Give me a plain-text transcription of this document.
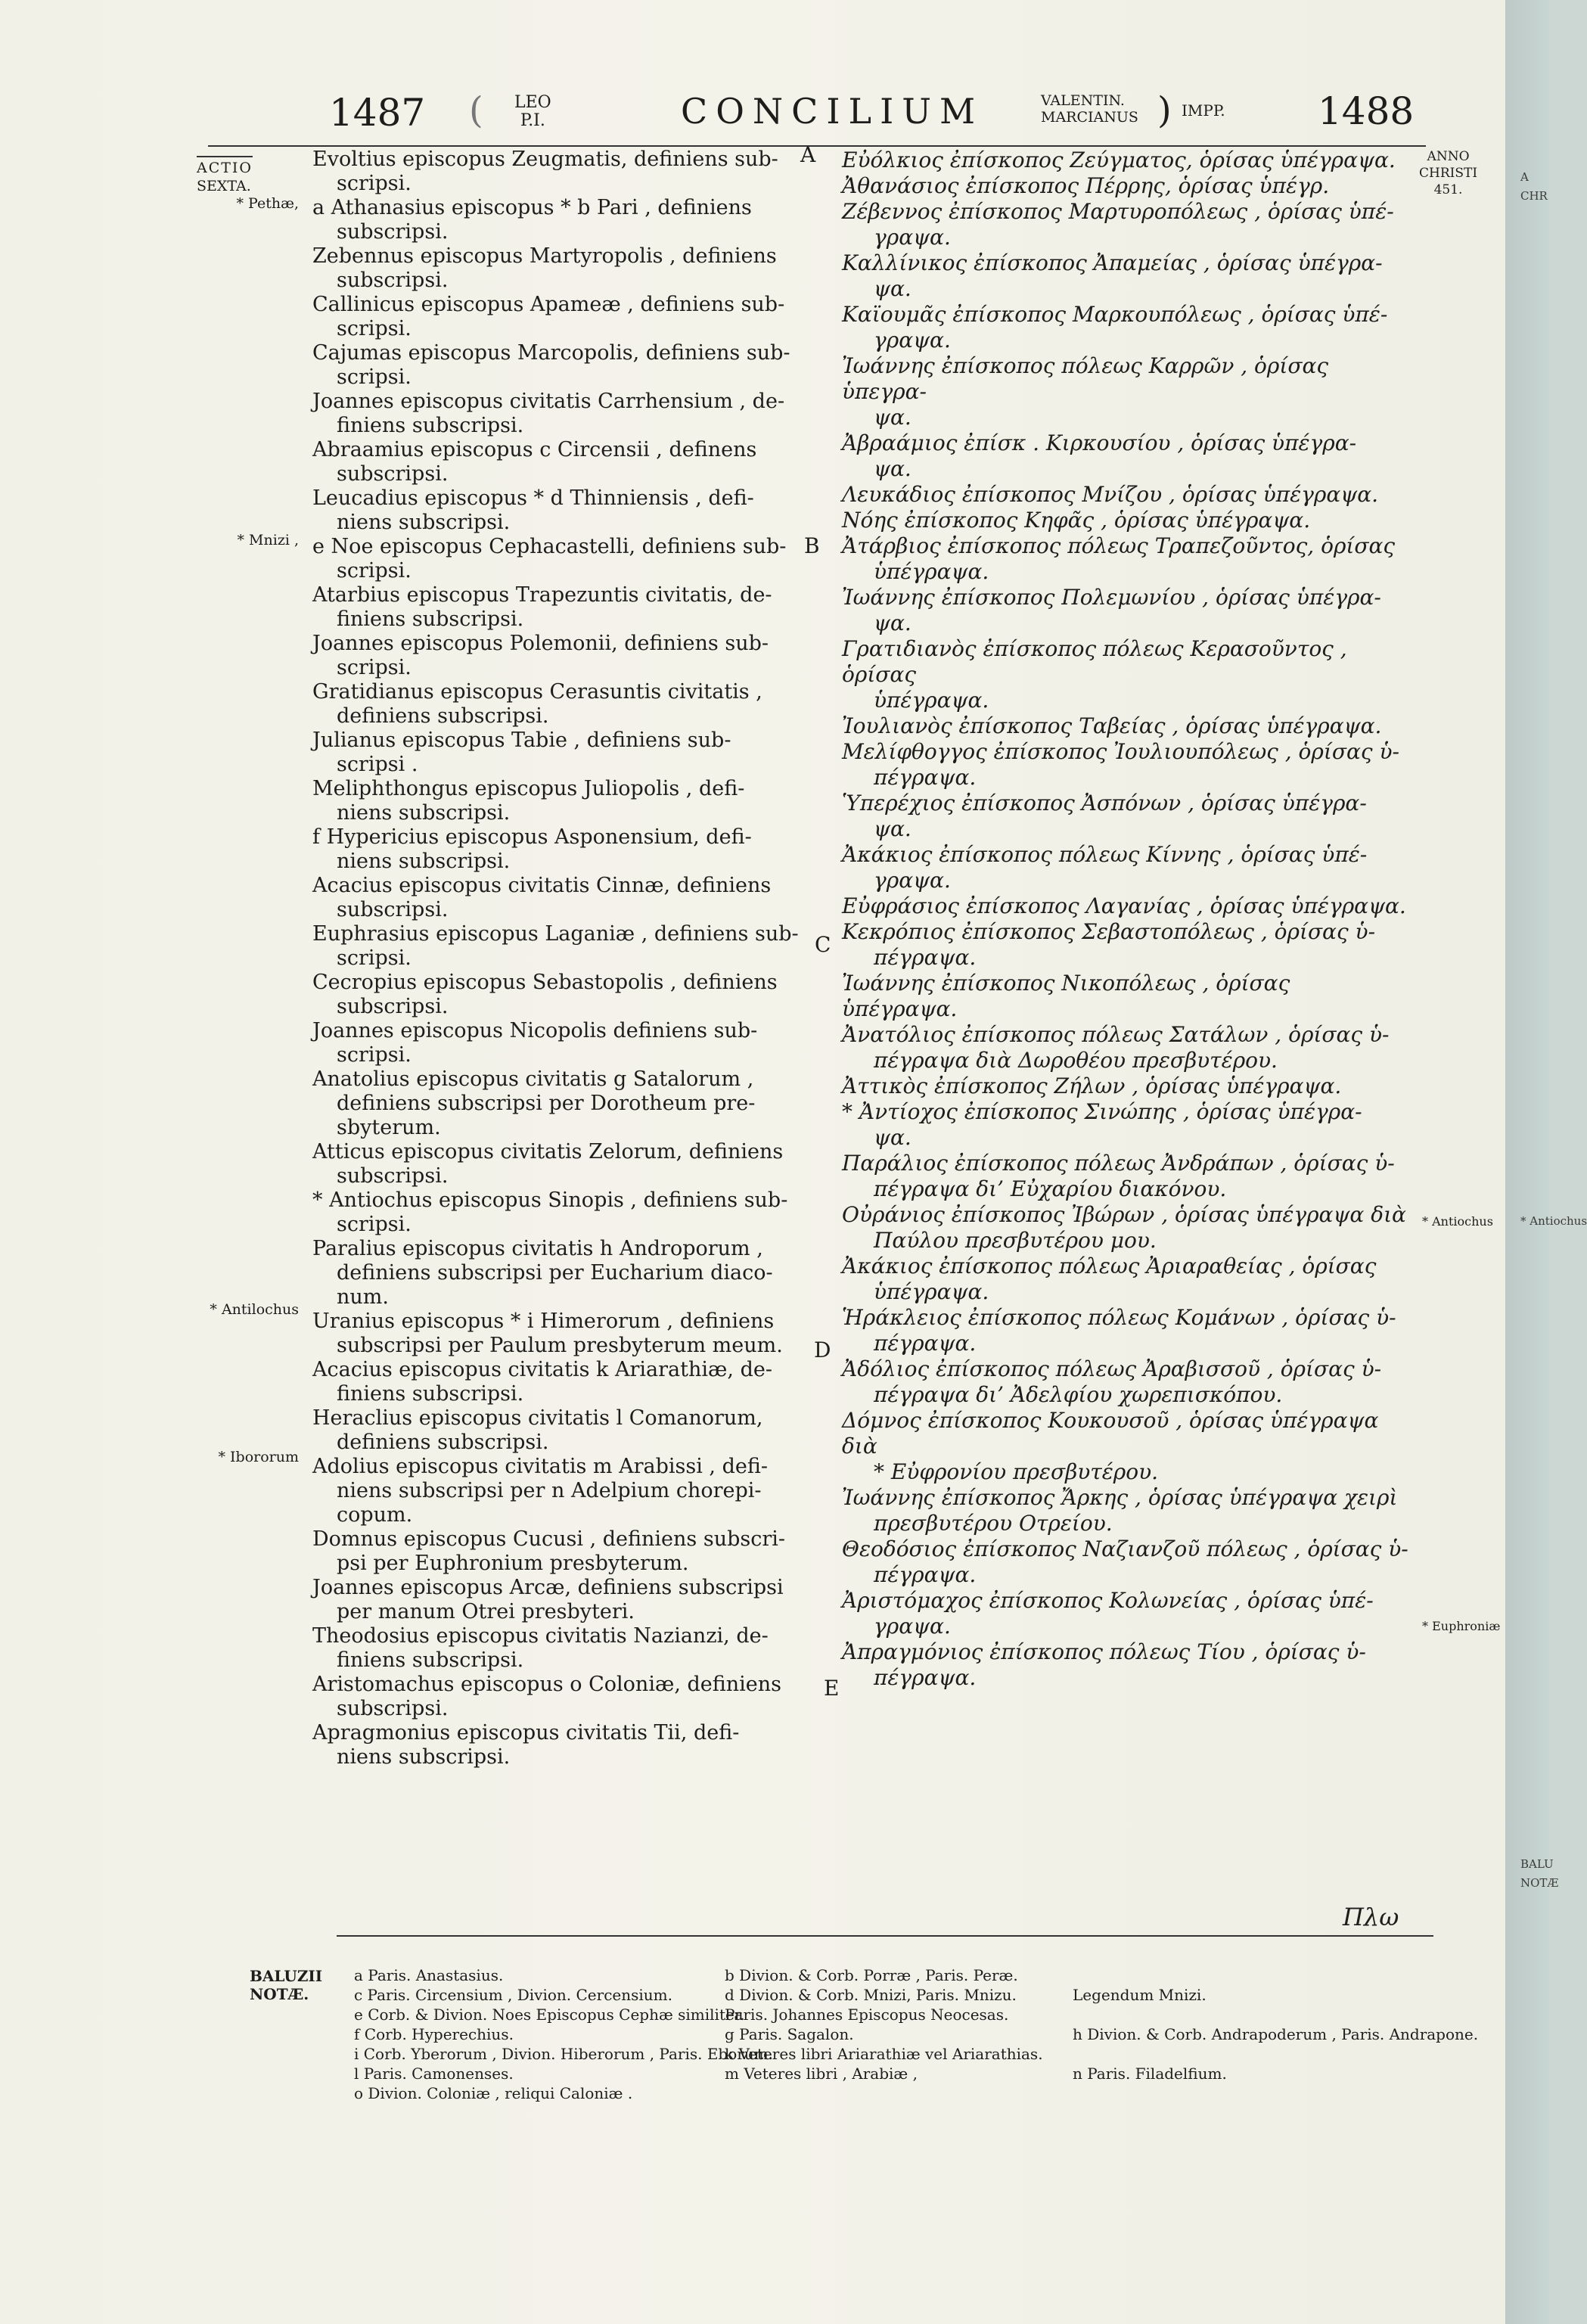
1487 ( LEO
P.I.	CONCILIUM	VALENTIN.
MARCIANUS ) IMPP. 1488
ACTIO
SEXTA.
ANNO
CHRISTI
451.
* Pethæ,
* Mnizi ,
* Antilochus
* Ibororum
* Antiochus
* Euphroniæ
A
B
C
D
E
Evoltius episcopus Zeugmatis, definiens sub-
scripsi.
a Athanasius episcopus * b Pari , definiens
subscripsi.
Zebennus episcopus Martyropolis , definiens
subscripsi.
Callinicus episcopus Apameæ , definiens sub-
scripsi.
Cajumas episcopus Marcopolis, definiens sub-
scripsi.
Joannes episcopus civitatis Carrhensium , de-
finiens subscripsi.
Abraamius episcopus c Circensii , definens
subscripsi.
Leucadius episcopus * d Thinniensis , defi-
niens subscripsi.
e Noe episcopus Cephacastelli, definiens sub-
scripsi.
Atarbius episcopus Trapezuntis civitatis, de-
finiens subscripsi.
Joannes episcopus Polemonii, definiens sub-
scripsi.
Gratidianus episcopus Cerasuntis civitatis ,
definiens subscripsi.
Julianus episcopus Tabie , definiens sub-
scripsi .
Meliphthongus episcopus Juliopolis , defi-
niens subscripsi.
f Hypericius episcopus Asponensium, defi-
niens subscripsi.
Acacius episcopus civitatis Cinnæ, definiens
subscripsi.
Euphrasius episcopus Laganiæ , definiens sub-
scripsi.
Cecropius episcopus Sebastopolis , definiens
subscripsi.
Joannes episcopus Nicopolis definiens sub-
scripsi.
Anatolius episcopus civitatis g Satalorum ,
definiens subscripsi per Dorotheum pre-
sbyterum.
Atticus episcopus civitatis Zelorum, definiens
subscripsi.
* Antiochus episcopus Sinopis , definiens sub-
scripsi.
Paralius episcopus civitatis h Androporum ,
definiens subscripsi per Eucharium diaco-
num.
Uranius episcopus * i Himerorum , definiens
subscripsi per Paulum presbyterum meum.
Acacius episcopus civitatis k Ariarathiæ, de-
finiens subscripsi.
Heraclius episcopus civitatis l Comanorum,
definiens subscripsi.
Adolius episcopus civitatis m Arabissi , defi-
niens subscripsi per n Adelpium chorepi-
copum.
Domnus episcopus Cucusi , definiens subscri-
psi per Euphronium presbyterum.
Joannes episcopus Arcæ, definiens subscripsi
per manum Otrei presbyteri.
Theodosius episcopus civitatis Nazianzi, de-
finiens subscripsi.
Aristomachus episcopus o Coloniæ, definiens
subscripsi.
Apragmonius episcopus civitatis Tii, defi-
niens subscripsi.
Εὐόλκιος ἐπίσκοπος Ζεύγματος, ὁρίσας ὑπέγραψα.
Ἀθανάσιος ἐπίσκοπος Πέρρης, ὁρίσας ὑπέγρ.
Ζέβεννος ἐπίσκοπος Μαρτυροπόλεως , ὁρίσας ὑπέ-
γραψα.
Καλλίνικος ἐπίσκοπος Ἀπαμείας , ὁρίσας ὑπέγρα-
ψα.
Καϊουμᾶς ἐπίσκοπος Μαρκουπόλεως , ὁρίσας ὑπέ-
γραψα.
Ἰωάννης ἐπίσκοπος πόλεως Καρρῶν , ὁρίσας ὑπεγρα-
ψα.
Ἀβραάμιος ἐπίσκ . Κιρκουσίου , ὁρίσας ὑπέγρα-
ψα.
Λευκάδιος ἐπίσκοπος Μνίζου , ὁρίσας ὑπέγραψα.
Νόης ἐπίσκοπος Κηφᾶς , ὁρίσας ὑπέγραψα.
Ἀτάρβιος ἐπίσκοπος πόλεως Τραπεζοῦντος, ὁρίσας
ὑπέγραψα.
Ἰωάννης ἐπίσκοπος Πολεμωνίου , ὁρίσας ὑπέγρα-
ψα.
Γρατιδιανὸς ἐπίσκοπος πόλεως Κερασοῦντος , ὁρίσας
ὑπέγραψα.
Ἰουλιανὸς ἐπίσκοπος Ταβείας , ὁρίσας ὑπέγραψα.
Μελίφθογγος ἐπίσκοπος Ἰουλιουπόλεως , ὁρίσας ὑ-
πέγραψα.
Ὑπερέχιος ἐπίσκοπος Ἀσπόνων , ὁρίσας ὑπέγρα-
ψα.
Ἀκάκιος ἐπίσκοπος πόλεως Κίννης , ὁρίσας ὑπέ-
γραψα.
Εὐφράσιος ἐπίσκοπος Λαγανίας , ὁρίσας ὑπέγραψα.
Κεκρόπιος ἐπίσκοπος Σεβαστοπόλεως , ὁρίσας ὑ-
πέγραψα.
Ἰωάννης ἐπίσκοπος Νικοπόλεως , ὁρίσας ὑπέγραψα.
Ἀνατόλιος ἐπίσκοπος πόλεως Σατάλων , ὁρίσας ὑ-
πέγραψα διὰ Δωροθέου πρεσβυτέρου.
Ἀττικὸς ἐπίσκοπος Ζήλων , ὁρίσας ὑπέγραψα.
* Ἀντίοχος ἐπίσκοπος Σινώπης , ὁρίσας ὑπέγρα-
ψα.
Παράλιος ἐπίσκοπος πόλεως Ἀνδράπων , ὁρίσας ὑ-
πέγραψα δι’ Εὐχαρίου διακόνου.
Οὐράνιος ἐπίσκοπος Ἰβώρων , ὁρίσας ὑπέγραψα διὰ
Παύλου πρεσβυτέρου μου.
Ἀκάκιος ἐπίσκοπος πόλεως Ἀριαραθείας , ὁρίσας
ὑπέγραψα.
Ἡράκλειος ἐπίσκοπος πόλεως Κομάνων , ὁρίσας ὑ-
πέγραψα.
Ἀδόλιος ἐπίσκοπος πόλεως Ἀραβισσοῦ , ὁρίσας ὑ-
πέγραψα δι’ Ἀδελφίου χωρεπισκόπου.
Δόμνος ἐπίσκοπος Κουκουσοῦ , ὁρίσας ὑπέγραψα διὰ
* Εὐφρονίου πρεσβυτέρου.
Ἰωάννης ἐπίσκοπος Ἄρκης , ὁρίσας ὑπέγραψα χειρὶ
πρεσβυτέρου Οτρείου.
Θεοδόσιος ἐπίσκοπος Ναζιανζοῦ πόλεως , ὁρίσας ὑ-
πέγραψα.
Ἀριστόμαχος ἐπίσκοπος Κολωνείας , ὁρίσας ὑπέ-
γραψα.
Ἀπραγμόνιος ἐπίσκοπος πόλεως Τίου , ὁρίσας ὑ-
πέγραψα.
Πλω
BALUZII
NOTÆ.
a Paris. Anastasius.	b Divion. & Corb. Porræ , Paris. Peræ.
c Paris. Circensium , Divion. Cercensium.	d Divion. & Corb. Mnizi, Paris. Mnizu.	Legendum Mnizi.
e Corb. & Divion. Noes Episcopus Cephæ similiter.
Paris. Johannes Episcopus Neocesas.
f Corb. Hyperechius.	g Paris. Sagalon.	h Divion. & Corb. Andrapoderum , Paris. Andrapone.
i Corb. Yberorum , Divion. Hiberorum , Paris. Eborum.
k Veteres libri Ariarathiæ vel Ariarathias.
l Paris. Camonenses.	m Veteres libri , Arabiæ ,	n Paris. Filadelfium.
o Divion. Coloniæ , reliqui Caloniæ .
A
CHR
* Antiochus
BALU
NOTÆ
